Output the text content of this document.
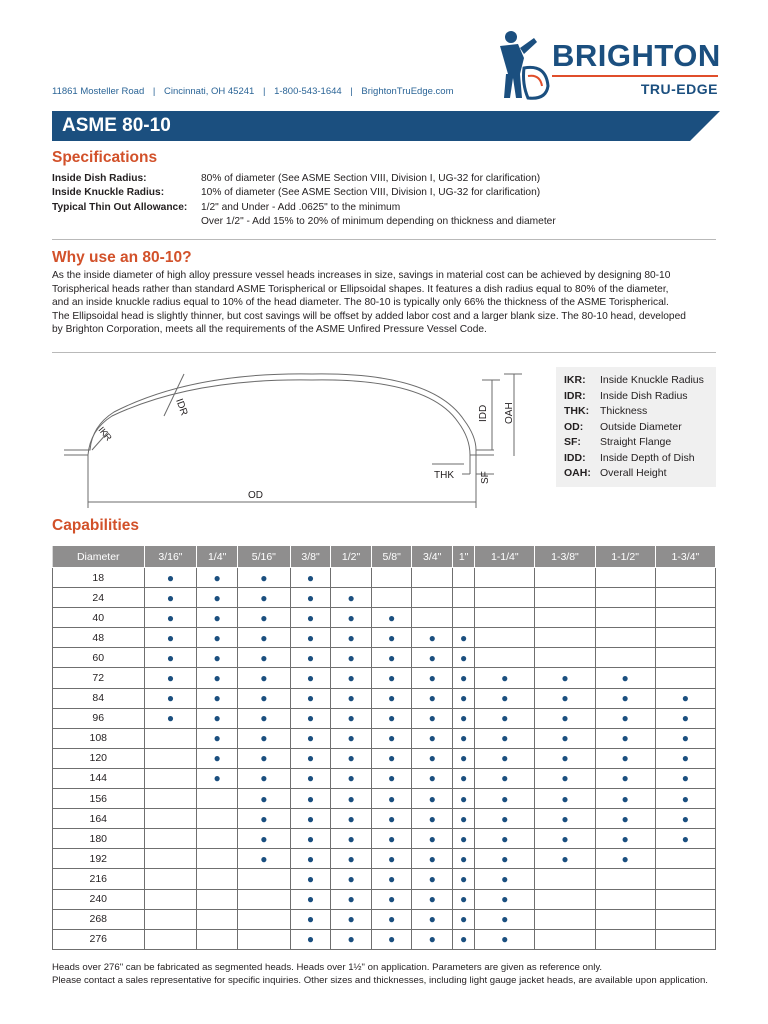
11861 Mosteller Road | Cincinnati, OH 45241 | 1-800-543-1644 | BrightonTruEdge.com
BRIGHTON
TRU-EDGE
ASME 80-10
Specifications
Inside Dish Radius:	80% of diameter (See ASME Section VIII, Division I, UG-32 for clarification)
Inside Knuckle Radius:	10% of diameter (See ASME Section VIII, Division I, UG-32 for clarification)
Typical Thin Out Allowance:	1/2" and Under - Add .0625" to the minimum
Over 1/2" - Add 15% to 20% of minimum depending on thickness and diameter
Why use an 80-10?
As the inside diameter of high alloy pressure vessel heads increases in size, savings in material cost can be achieved by designing 80-10
Torispherical heads rather than standard ASME Torispherical or Ellipsoidal shapes. It features a dish radius equal to 80% of the diameter,
and an inside knuckle radius equal to 10% of the head diameter. The 80-10 is typically only 66% the thickness of the ASME Torispherical.
The Ellipsoidal head is slightly thinner, but cost savings will be offset by added labor cost and a larger blank size. The 80-10 head, developed
by Brighton Corporation, meets all the requirements of the ASME Unfired Pressure Vessel Code.
IDR
IKR
IDD OAH
THK	SF
OD
IKR:	Inside Knuckle Radius
IDR:	Inside Dish Radius
THK:	Thickness
OD:	Outside Diameter
SF:	Straight Flange
IDD:	Inside Depth of Dish
OAH: Overall Height
Capabilities
Diameter	3/16"	1/4"	5/16"	3/8"	1/2"	5/8"	3/4"	1"	1-1/4"	1-3/8"	1-1/2"	1-3/4"
18	●	●	●	●								
24	●	●	●	●	●							
40	●	●	●	●	●	●						
48	●	●	●	●	●	●	●	●				
60	●	●	●	●	●	●	●	●				
72	●	●	●	●	●	●	●	●	●	●	●	
84	●	●	●	●	●	●	●	●	●	●	●	●
96	●	●	●	●	●	●	●	●	●	●	●	●
108		●	●	●	●	●	●	●	●	●	●	●
120		●	●	●	●	●	●	●	●	●	●	●
144		●	●	●	●	●	●	●	●	●	●	●
156			●	●	●	●	●	●	●	●	●	●
164			●	●	●	●	●	●	●	●	●	●
180			●	●	●	●	●	●	●	●	●	●
192			●	●	●	●	●	●	●	●	●	
216				●	●	●	●	●	●			
240				●	●	●	●	●	●			
268				●	●	●	●	●	●			
276				●	●	●	●	●	●			
Heads over 276" can be fabricated as segmented heads. Heads over 1½" on application. Parameters are given as reference only.
Please contact a sales representative for specific inquiries. Other sizes and thicknesses, including light gauge jacket heads, are available upon application.
